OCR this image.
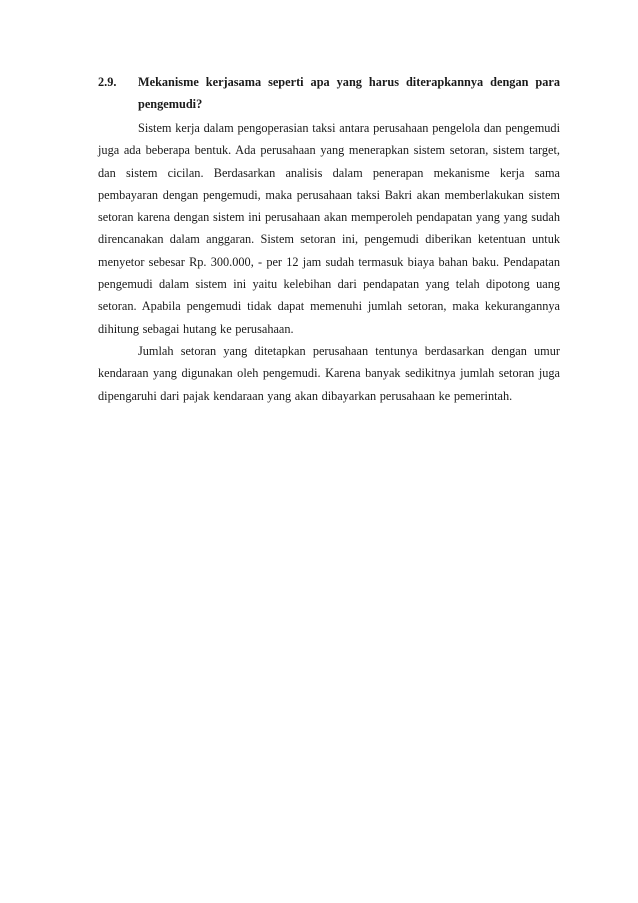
2.9. Mekanisme kerjasama seperti apa yang harus diterapkannya dengan para pengemudi?

Sistem kerja dalam pengoperasian taksi antara perusahaan pengelola dan pengemudi juga ada beberapa bentuk. Ada perusahaan yang menerapkan sistem setoran, sistem target, dan sistem cicilan. Berdasarkan analisis dalam penerapan mekanisme kerja sama pembayaran dengan pengemudi, maka perusahaan taksi Bakri akan memberlakukan sistem setoran karena dengan sistem ini perusahaan akan memperoleh pendapatan yang yang sudah direncanakan dalam anggaran. Sistem setoran ini, pengemudi diberikan ketentuan untuk menyetor sebesar Rp. 300.000, - per 12 jam sudah termasuk biaya bahan baku. Pendapatan pengemudi dalam sistem ini yaitu kelebihan dari pendapatan yang telah dipotong uang setoran. Apabila pengemudi tidak dapat memenuhi jumlah setoran, maka kekurangannya dihitung sebagai hutang ke perusahaan.

Jumlah setoran yang ditetapkan perusahaan tentunya berdasarkan dengan umur kendaraan yang digunakan oleh pengemudi. Karena banyak sedikitnya jumlah setoran juga dipengaruhi dari pajak kendaraan yang akan dibayarkan perusahaan ke pemerintah.
